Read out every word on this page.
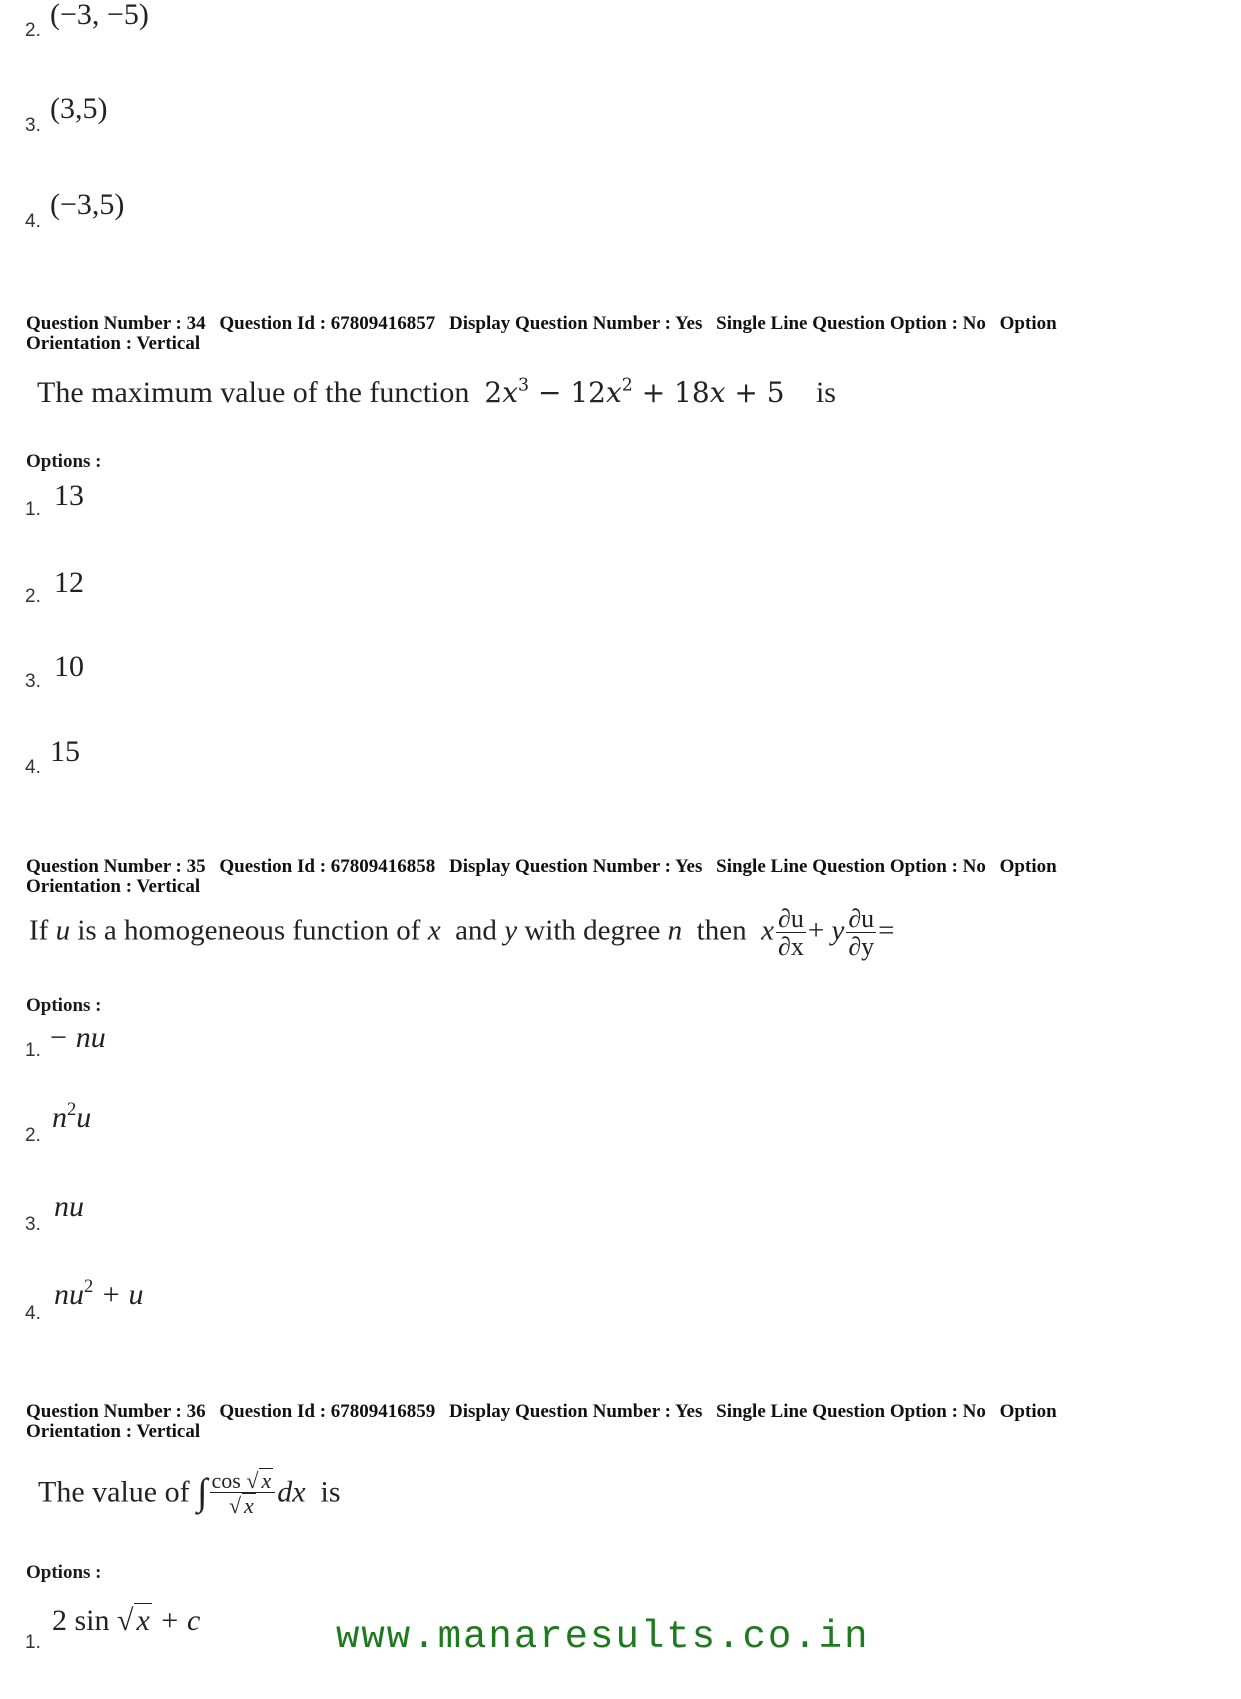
2. (−3, −5)
3.
(3,5)
4.
(−3,5)
Question Number : 34 Question Id : 67809416857 Display Question Number : Yes Single Line Question Option : No Option
Orientation : Vertical
The maximum value of the function $2x^3 - 12x^2 + 18x + 5$ is
Options :
1. 13
2. 12
3. 10
4. 15
Question Number : 35 Question Id : 67809416858 Display Question Number : Yes Single Line Question Option : No Option
Orientation : Vertical
If u is a homogeneous function of x and y with degree n then x $\frac{\partial u}{\partial x} + y \frac{\partial u}{\partial y}$ =
Options :
1. − nu
2.
$n^2u$
3.
nu
4.
$nu^2 + u$
Question Number : 36 Question Id : 67809416859 Display Question Number : Yes Single Line Question Option : No Option
Orientation : Vertical
The value of ∫ $\frac{\cos √ x}{√ x}$ dx is
Options :
1.
2 sin √ x + c	www.manaresults.co.in
